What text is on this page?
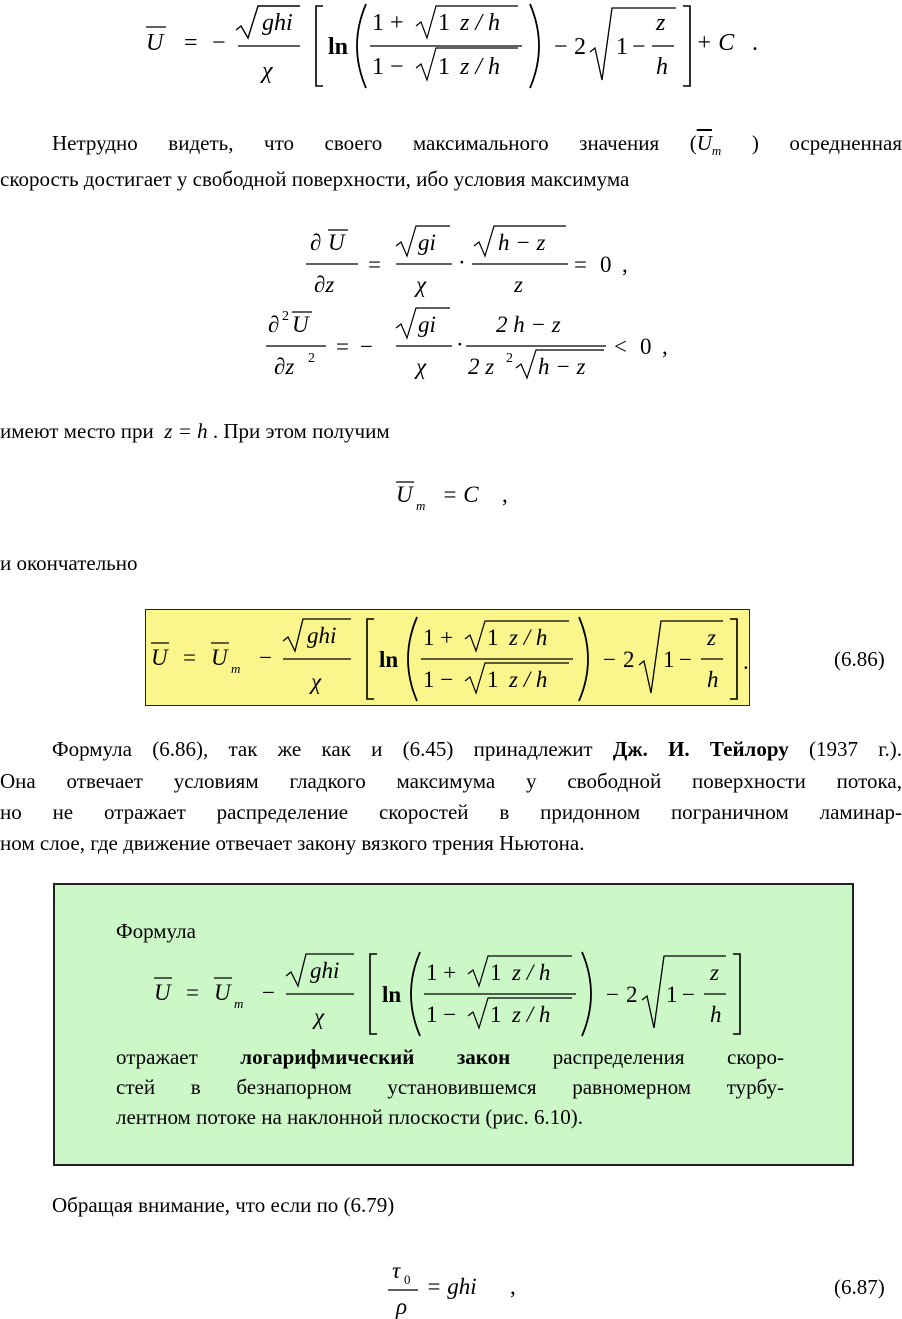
U = −
ghi
χ
ln
1 + 1 z / h
1 − 1 z / h
− 2 1 −
z
h
+ C .
Нетрудно видеть, что своего максимального значения ($\overline{U}_m$ ) осредненная
скорость достигает у свободной поверхности, ибо условия максимума
∂ U
∂z
=
gi
χ
·
h − z
z
= 0 ,
∂ 2 U
∂z 2 = −
gi
χ
·
2 h − z
2 z 2 h − z
< 0 ,
имеют место при z = h . При этом получим
U m = C ,
и окончательно
U = U m −
ghi
χ
ln
1 + 1 z / h
1 − 1 z / h
− 2 1 −
z
h
.	(6.86)
Формула (6.86), так же как и (6.45) принадлежит Дж. И. Тейлору (1937 г.).
Она отвечает условиям гладкого максимума у свободной поверхности потока,
но не отражает распределение скоростей в придонном пограничном ламинар-
ном слое, где движение отвечает закону вязкого трения Ньютона.
Формула
U = U m −
ghi
χ
ln
1 + 1 z / h
1 − 1 z / h
− 2 1 −
z
h
отражает логарифмический закон распределения скоро-
стей в безнапорном установившемся равномерном турбу-
лентном потоке на наклонной плоскости (рис. 6.10).
Обращая внимание, что если по (6.79)
τ 0
ρ
= ghi ,	(6.87)
